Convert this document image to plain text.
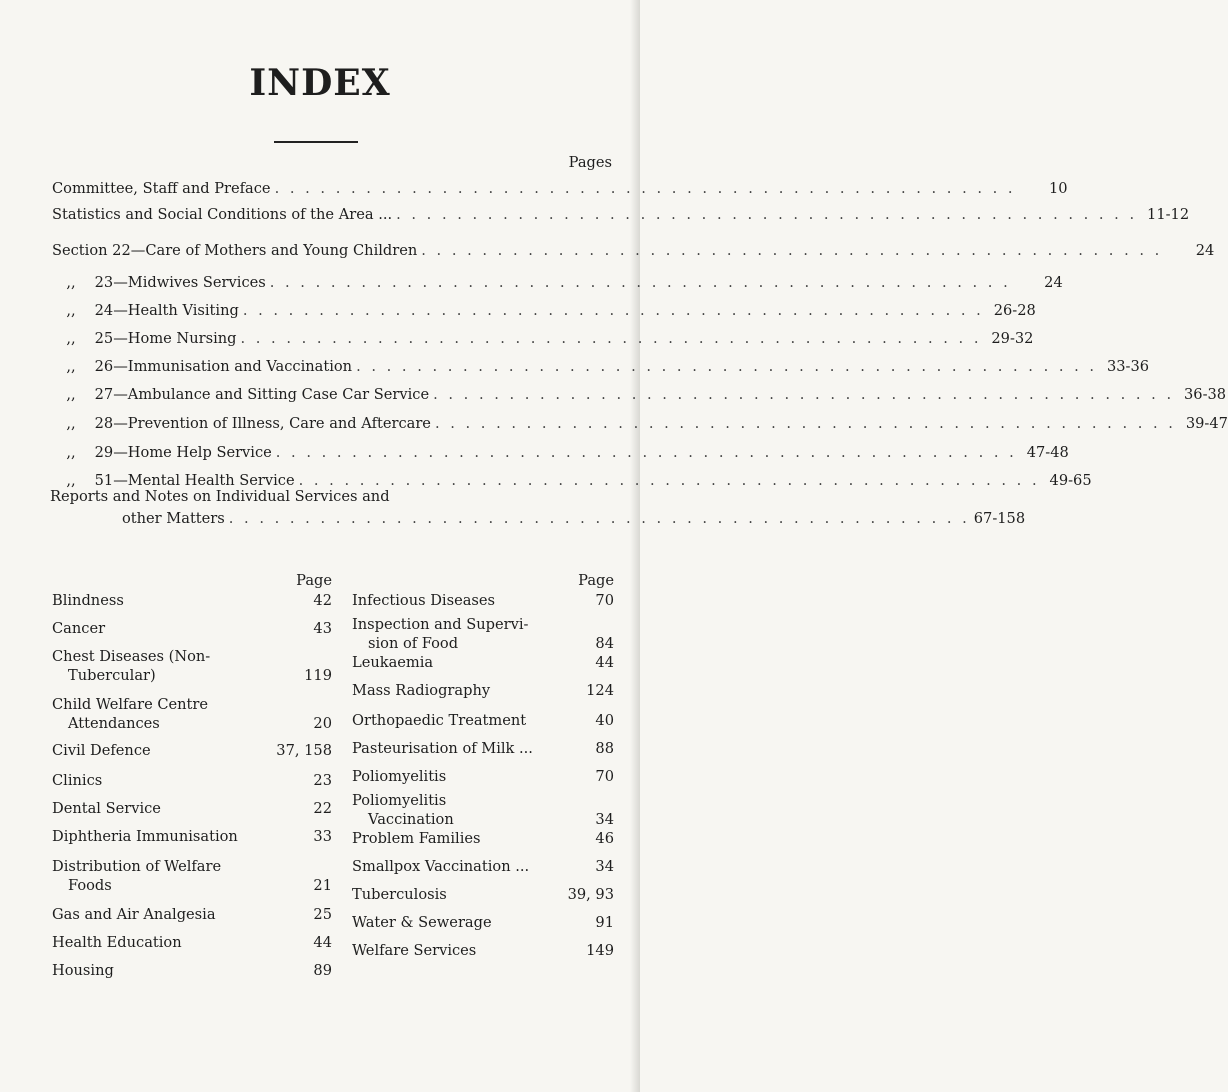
INDEX
Pages
Committee, Staff and Preface . . . . . . . . . . . . . . . . . . . . . . . . . . . . . . . . . . . . . . . . . . . . . . . . .	10
Statistics and Social Conditions of the Area ... . . . . . . . . . . . . . . . . . . . . . . . . . . . . . . . . . . . . . . . . . . . . . . . . . 11-12
Section 22—Care of Mothers and Young Children . . . . . . . . . . . . . . . . . . . . . . . . . . . . . . . . . . . . . . . . . . . . . . . . .	24
,, 23—Midwives Services . . . . . . . . . . . . . . . . . . . . . . . . . . . . . . . . . . . . . . . . . . . . . . . . .	24
,, 24—Health Visiting . . . . . . . . . . . . . . . . . . . . . . . . . . . . . . . . . . . . . . . . . . . . . . . . . 26-28
,, 25—Home Nursing . . . . . . . . . . . . . . . . . . . . . . . . . . . . . . . . . . . . . . . . . . . . . . . . . 29-32
,, 26—Immunisation and Vaccination . . . . . . . . . . . . . . . . . . . . . . . . . . . . . . . . . . . . . . . . . . . . . . . . . 33-36
,, 27—Ambulance and Sitting Case Car Service . . . . . . . . . . . . . . . . . . . . . . . . . . . . . . . . . . . . . . . . . . . . . . . . . 36-38
,, 28—Prevention of Illness, Care and Aftercare . . . . . . . . . . . . . . . . . . . . . . . . . . . . . . . . . . . . . . . . . . . . . . . . . 39-47
,, 29—Home Help Service . . . . . . . . . . . . . . . . . . . . . . . . . . . . . . . . . . . . . . . . . . . . . . . . . 47-48
,, 51—Mental Health Service . . . . . . . . . . . . . . . . . . . . . . . . . . . . . . . . . . . . . . . . . . . . . . . . . 49-65
Reports and Notes on Individual Services and
other Matters . . . . . . . . . . . . . . . . . . . . . . . . . . . . . . . . . . . . . . . . . . . . . . . . . 67-158
Page
Blindness	42
Cancer	43
Chest Diseases (Non-
Tubercular)	119
Child Welfare Centre
Attendances	20
Civil Defence	37, 158
Clinics	23
Dental Service	22
Diphtheria Immunisation	33
Distribution of Welfare
Foods	21
Gas and Air Analgesia	25
Health Education	44
Housing	89
Page
Infectious Diseases	70
Inspection and Supervi-
sion of Food	84
Leukaemia	44
Mass Radiography	124
Orthopaedic Treatment	40
Pasteurisation of Milk ...	88
Poliomyelitis	70
Poliomyelitis
Vaccination	34
Problem Families	46
Smallpox Vaccination ...	34
Tuberculosis	39, 93
Water & Sewerage	91
Welfare Services	149
